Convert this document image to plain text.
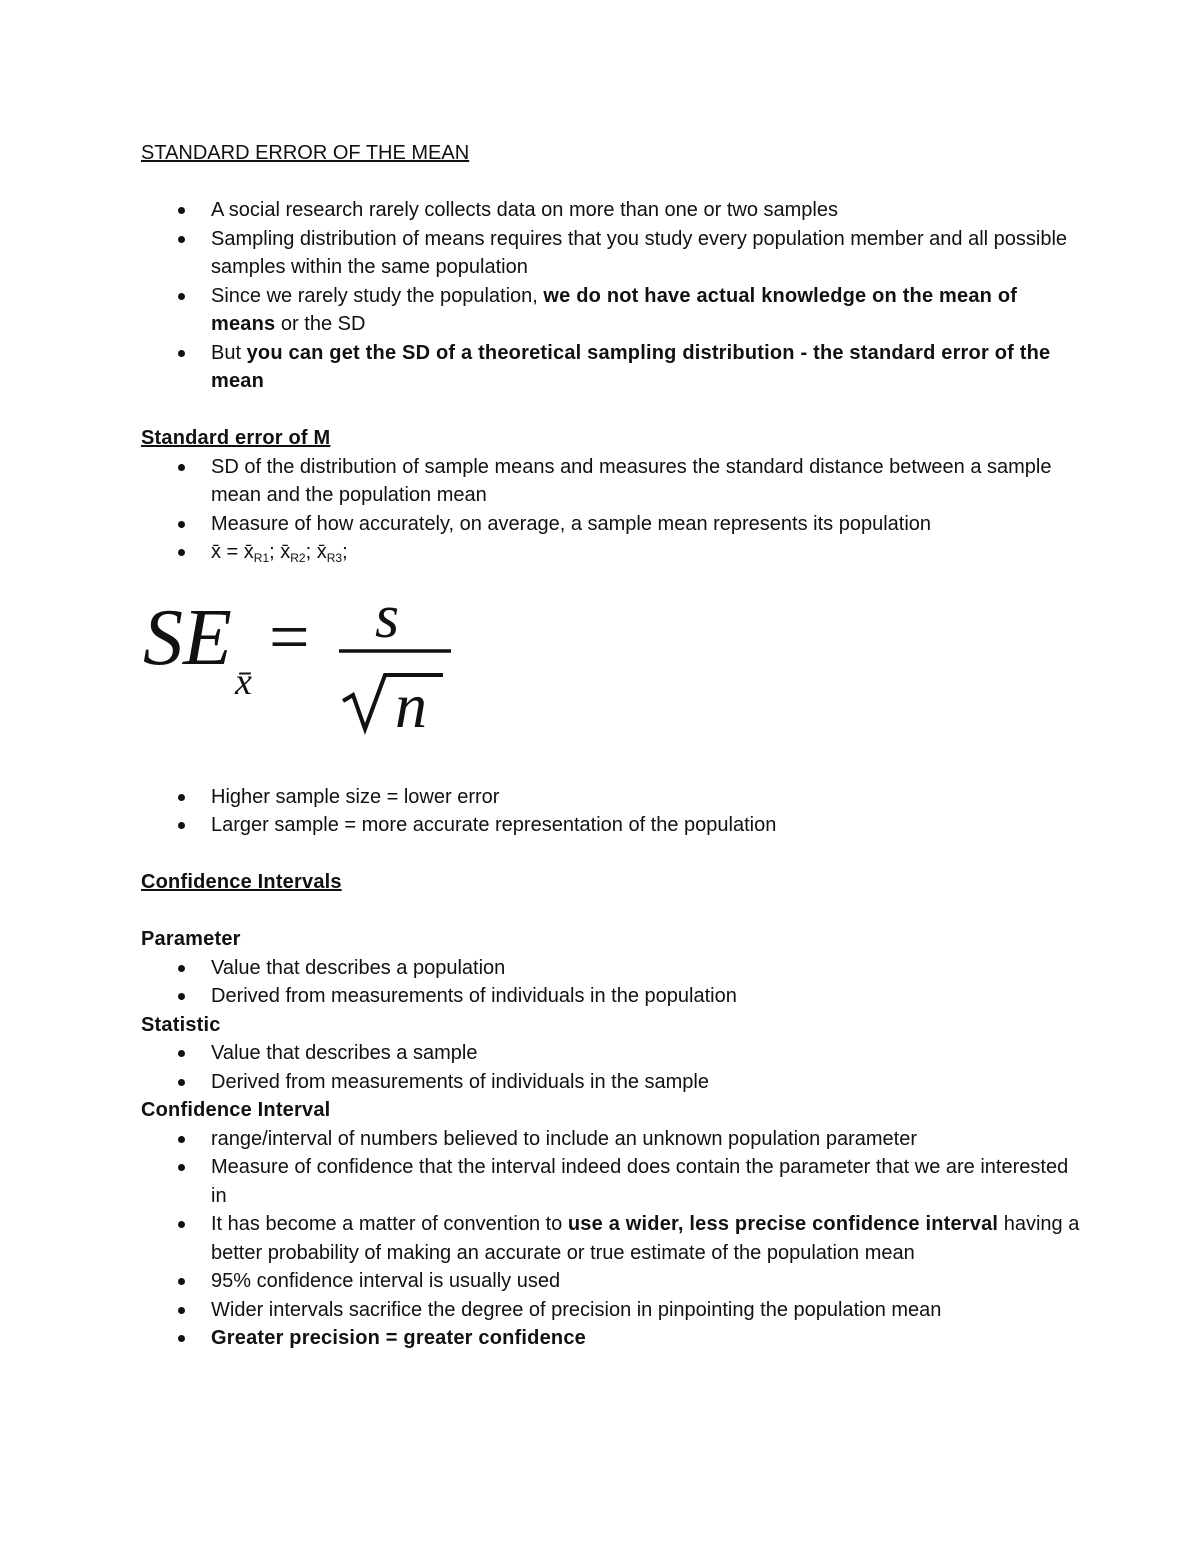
STANDARD ERROR OF THE MEAN
A social research rarely collects data on more than one or two samples
Sampling distribution of means requires that you study every population member and all possible samples within the same population
Since we rarely study the population, we do not have actual knowledge on the mean of means or the SD
But you can get the SD of a theoretical sampling distribution - the standard error of the mean
Standard error of M
SD of the distribution of sample means and measures the standard distance between a sample mean and the population mean
Measure of how accurately, on average, a sample mean represents its population
x̄ = $x̄_{R1}$; $x̄_{R2}$; $x̄_{R3}$;
SE x̄
= s
n
Higher sample size = lower error
Larger sample = more accurate representation of the population
Confidence Intervals
Parameter
Value that describes a population
Derived from measurements of individuals in the population
Statistic
Value that describes a sample
Derived from measurements of individuals in the sample
Confidence Interval
range/interval of numbers believed to include an unknown population parameter
Measure of confidence that the interval indeed does contain the parameter that we are interested in
It has become a matter of convention to use a wider, less precise confidence interval having a better probability of making an accurate or true estimate of the population mean
95% confidence interval is usually used
Wider intervals sacrifice the degree of precision in pinpointing the population mean
Greater precision = greater confidence
